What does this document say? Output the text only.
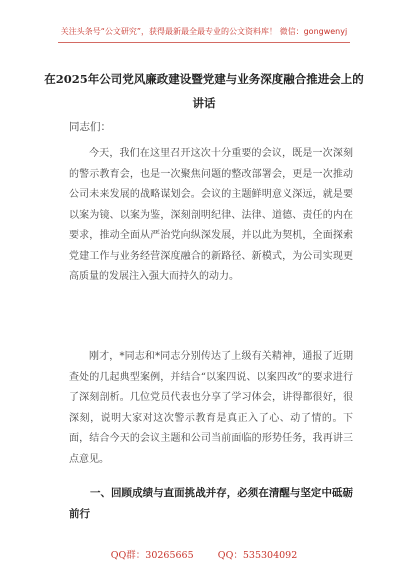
关注头条号“公文研究”，获得最新最全最专业的公文资料库！ 微信：gongwenyj
在2025年公司党风廉政建设暨党建与业务深度融合推进会上的讲话
同志们：

今天，我们在这里召开这次十分重要的会议，既是一次深刻的警示教育会，也是一次聚焦问题的整改部署会，更是一次推动公司未来发展的战略谋划会。会议的主题鲜明意义深远，就是要以案为镜、以案为鉴，深刻剖明纪律、法律、道德、责任的内在要求，推动全面从严治党向纵深发展，并以此为契机，全面探索党建工作与业务经营深度融合的新路径、新模式，为公司实现更高质量的发展注入强大而持久的动力。

刚才，*同志和*同志分别传达了上级有关精神，通报了近期查处的几起典型案例，并结合“以案四说、以案四改”的要求进行了深刻剖析。几位党员代表也分享了学习体会，讲得都很好，很深刻，说明大家对这次警示教育是真正入了心、动了情的。下面，结合今天的会议主题和公司当前面临的形势任务，我再讲三点意见。

一、回顾成绩与直面挑战并存，必须在清醒与坚定中砥砺前行

QQ群：30265665        QQ：535304092
